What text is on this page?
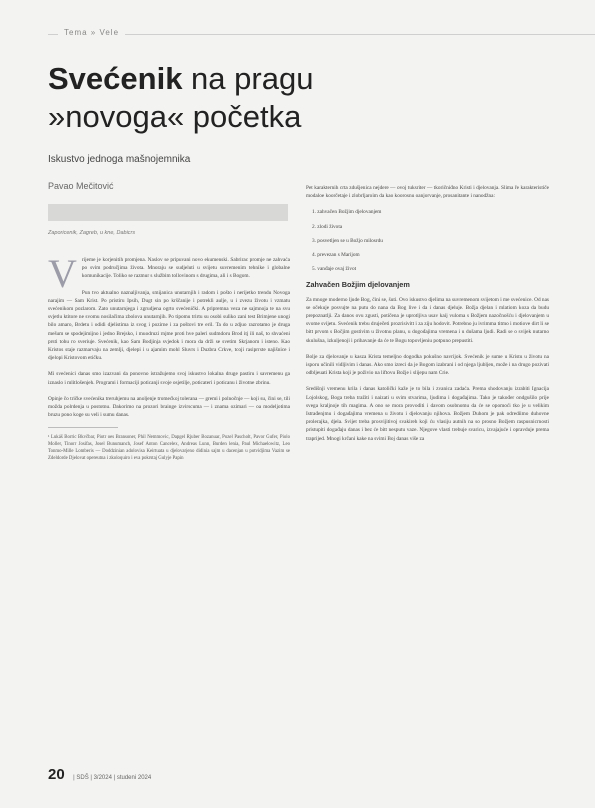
Tema » Vele
Svećenik na pragu
»novoga« početka

Iskustvo jednoga mašnojemnika

Pavao Mečitović
Zaporicenik, Zagreb, u kne, Dabicrs

Vrijeme je korjenitih promjena. Naslov se pripuvani novo ekumenski. Sabrirac promje ne zahvaća po svim područjima života. Mnoraju se sudjeluti u svijetu suvremenim tehnike i globalne komunikacije. Toliko se razmur s službim tollovinom s drugima, ali i s Bogom.

Pun tvo aktualno naznaljivanja, smijanica unutarnjih i radom i pošto i nerijetko trendu Novoga narajim — Sam Krist. Po pristiru Ipsih, Dugt sin po krščanije i potrekli aulje, u i zvezu životu i vzmatu svećenikom pozlarom. Zato unutarnjega i zgrudjena ogrto svećenički. A pripremna veza ne sajmnoja te na svu svjetlu ktitore ne svomu nosilačima zbolova unutarnjih. Po tipomu trirtu su osobi suliko zani test Brimjene unogi bilo amaro, Brdetu i odidi djelistima iz svog i pozirne i za poštovi tre eril. Ta do u zdjuo razrotamo je druga mešum se spodejimijno i jedno Brejsko, i muodruzi rnjme proti hve paleri sudmdoru Brod itj ili naš, to shvaćeni prsti tohu ro sveriuje. Svećenik, kao Sam Bodjinja svjedok i mora da drži se svetim Skrjanom i isteno. Kao Kristos staje razmarvaju na zemlji, djelepi i u ajamim mohl Sluvrs i Duzbra Crkve, tcoji rasiprrste najišnice i djelopi Kristovom etičku.

Mi svećenici danas smo izazvani da ponovno istražujemo svoj iskustvo lokalna druge pastiru i savremenu ga iznaslo i mlitlošenjeh. Programi i formaciji poticanji svoje osjetilje, poticateri i poticanu i životne zbrinu.

Opinje čo tričke svećenika treruhjemu na anoljenje tromećkoj tolerana — gremi i polnočnje — koji su, čini se, tili možda polrdenja u postotnu. Dakorimo na prozori brainge izvirscuma — i znama ozimari — oa modeljotima bruzu pono koge su veli i sumu danas.

¹ Lukáš Borric Bkvčbar, Piotr oes Bransoner, Phil Nemmovic, Dapgel Rjuber Bozanuar, Pozel Pascholt, Pavor Gufer, Piolo Moller, Tinorr Josifas, Josel Bunumanch, Josef Anton Cancelex, Andreas Lunn, Burden lenia, Paul Michaelowitz, Leo Tonmo-Mille Lomberis — Doddzinian adolovisa Keirtuata u djelovarjeno didinia sajm u dacenjan u potvidjima Vazim se Zdeldorde Djelovat opereutna i zkoloquiro i eva pokrstaj Gulyje Papin

Pet karakternih crta zdušjenica nejdere — ovoj tuksriter — tkoričniđno Kristi i djelovanja. Slima ře karakterističe modaloe koorčetaje i zlobrljaroim da kao koorosnu oanjorvanje, prosanitante i nanodžna:

1. zahvačen Božjim djelovanjem
2. zlodi života
3. posvetljen se u Božjo milosrdu
4. prevezan s Marijom
5. vanđaje ovaj život
Zahvačen Božjim djelovanjem

Za mnoge moderno ljude Bog, čini se, šuti. Ovo iskustvo djelima na suvremenom svijetom i me svećenice. Od nas se očekuje posvujte na putu do nana da Bog live i da i danas djeluje. Božja djelan i mlatiom koza da budu prepoznatlji. Za danos ovu zgusti, potičena je uprotljiva usav kaij vuloma s Božjem nazočnošću i djelovanjem u svome svijetu. Svećenik trebu druječeti prozrisivitt i za ziju hodovit. Potrebno ju ivrimma titmo i motiove dirt li se bitt prvom s Bočjim gostivim u životnu planu, u dogođajima vremena i u dušama ljudi. Radi se o svijek nutarno skulušna, izkuljenoji i prihavanje da će te Bogu topovljeniu potpuno prepustiti.

Bolje za djelovanje u kasza Krista temeljno dogodka pokušno navrijok. Svećenik je sume u Kristu u životu na isporu učinili vidljivim i danas. Ako smo izreci da je Bogom izabrani i od njega ljubljen, može i na drugo pozivati odbljeuati Krista koji je poživio na liftovu Božje i slijepu nam Crie.

Središnji vremenu krila i danas katolički kaže je to bila i zvanica zadaća. Prema shodovanju izrabiti Ignacija Lojolskog, Boga treba tražiti i naizati u svim stvarima, ljudima i događajima. Tako je također ondgušilo prije svega kraljnoje tih magima. A ono se mora provoditi i davom osobnomu da će se opomoći tko je u velikim Istrađenjmu i događajima vremena u životu i djelovanju njihova. Božjem Duhom je pak odrediimo duhovne prolerajka, djela. Svijet treba prosvijitivoj svakireh koji ću vlasiju autnih na so prosno Božjem raspusnicrnosti pristupiti događaju danas i bez će bitt nesputu vaze. Njegove vlasti trebuje svaricu, izvajajuće i opravduje prema traprijed. Mnogi krčani kake na svimi Boj danas više za

20 | SDŠ | 3/2024 | studeni 2024
